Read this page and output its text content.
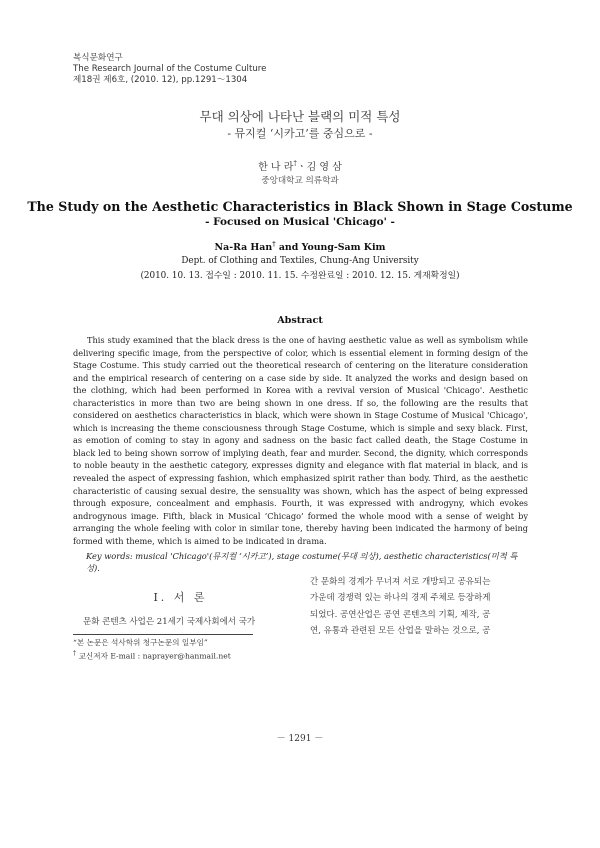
복식문화연구
The Research Journal of the Costume Culture
제18권 제6호, (2010. 12), pp.1291～1304
무대 의상에 나타난 블랙의 미적 특성
- 뮤지컬 ‘시카고’를 중심으로 -
한 나 라†ㆍ김 영 삼
중앙대학교 의류학과
The Study on the Aesthetic Characteristics in Black Shown in Stage Costume
- Focused on Musical 'Chicago' -
Na-Ra Han† and Young-Sam Kim
Dept. of Clothing and Textiles, Chung-Ang University
(2010. 10. 13. 접수일 : 2010. 11. 15. 수정완료일 : 2010. 12. 15. 게재확정일)
Abstract
This study examined that the black dress is the one of having aesthetic value as well as symbolism while delivering specific image, from the perspective of color, which is essential element in forming design of the Stage Costume. This study carried out the theoretical research of centering on the literature consideration and the empirical research of centering on a case side by side. It analyzed the works and design based on the clothing, which had been performed in Korea with a revival version of Musical 'Chicago'. Aesthetic characteristics in more than two are being shown in one dress. If so, the following are the results that considered on aesthetics characteristics in black, which were shown in Stage Costume of Musical 'Chicago', which is increasing the theme consciousness through Stage Costume, which is simple and sexy black. First, as emotion of coming to stay in agony and sadness on the basic fact called death, the Stage Costume in black led to being shown sorrow of implying death, fear and murder. Second, the dignity, which corresponds to noble beauty in the aesthetic category, expresses dignity and elegance with flat material in black, and is revealed the aspect of expressing fashion, which emphasized spirit rather than body. Third, as the aesthetic characteristic of causing sexual desire, the sensuality was shown, which has the aspect of being expressed through exposure, concealment and emphasis. Fourth, it was expressed with androgyny, which evokes androgynous image. Fifth, black in Musical ‘Chicago’ formed the whole mood with a sense of weight by arranging the whole feeling with color in similar tone, thereby having been indicated the harmony of being formed with theme, which is aimed to be indicated in drama.
Key words: musical 'Chicago'(뮤지컬 ‘시카고’), stage costume(무대 의상), aesthetic characteristics(미적 특성).
Ⅰ. 서 론
문화 콘텐츠 사업은 21세기 국제사회에서 국가
간 문화의 경계가 무너져 서로 개방되고 공유되는
가운데 경쟁력 있는 하나의 경제 주체로 등장하게
되었다. 공연산업은 공연 콘텐츠의 기획, 제작, 공
연, 유통과 관련된 모든 산업을 말하는 것으로, 공
“본 논문은 석사학위 청구논문의 일부임”
† 교신저자 E-mail : naprayer@hanmail.net
－ 1291 －
